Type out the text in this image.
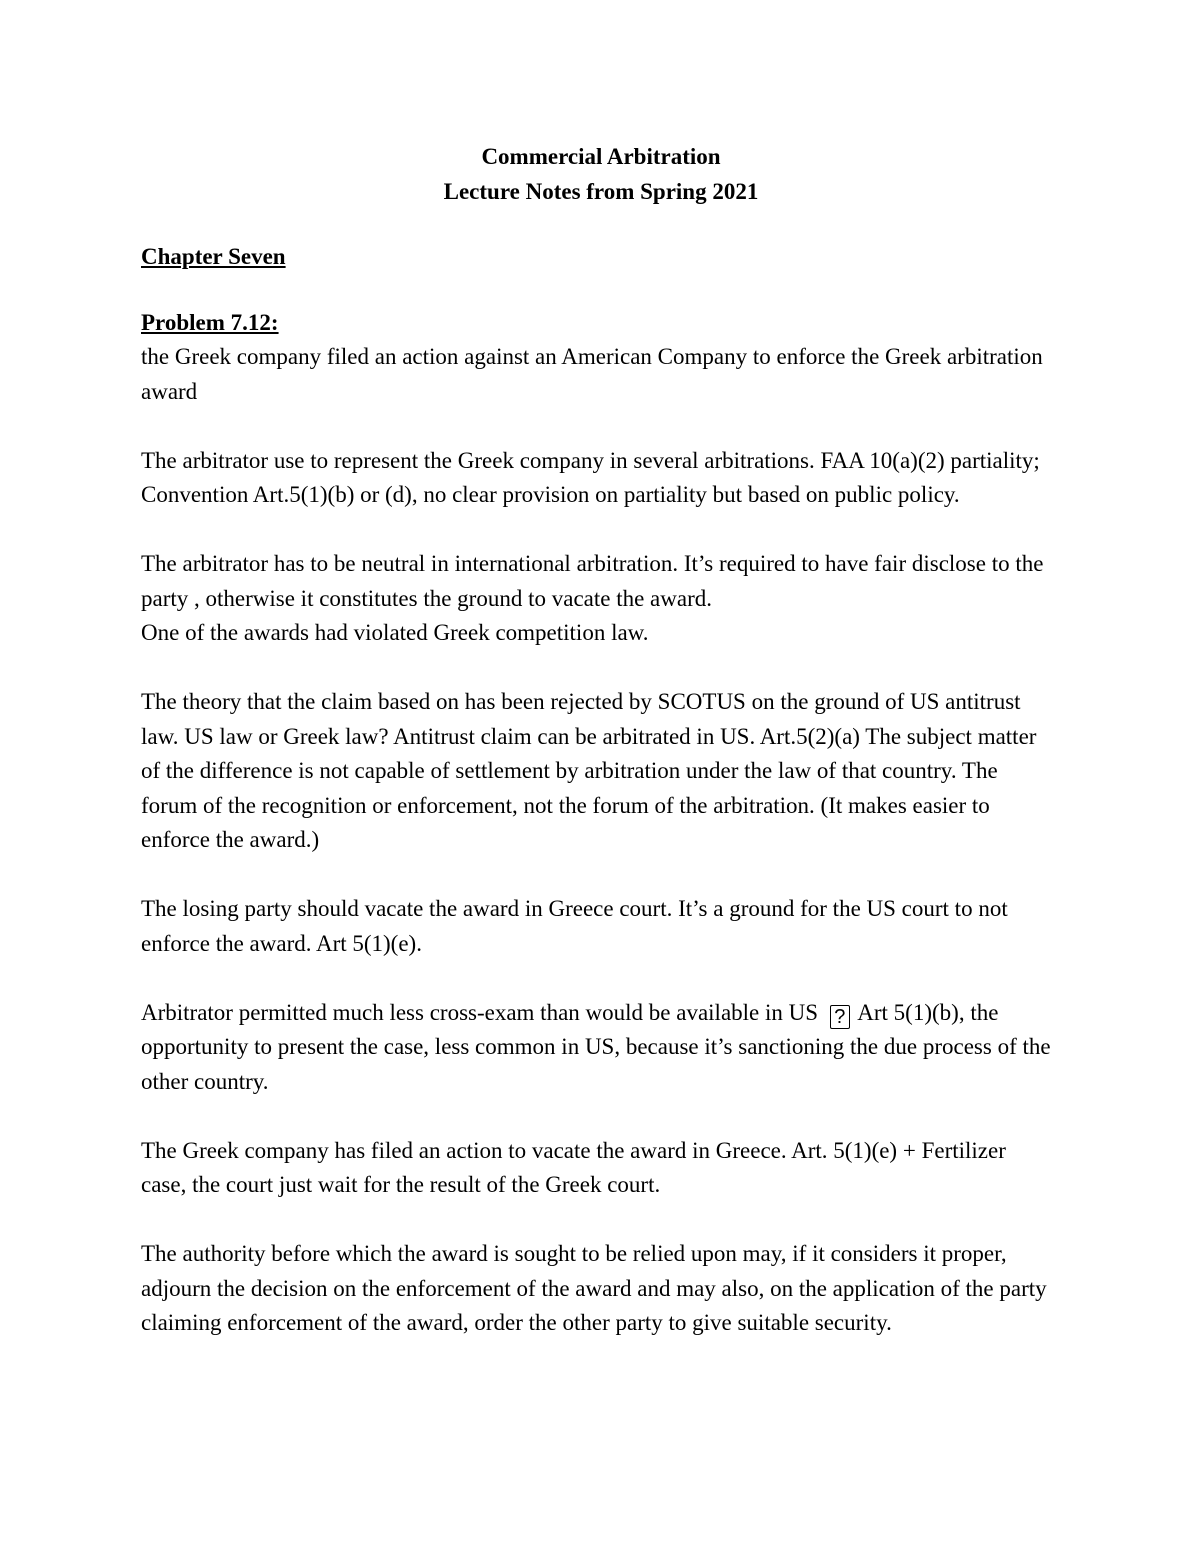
Commercial Arbitration
Lecture Notes from Spring 2021
Chapter Seven
Problem 7.12:

the Greek company filed an action against an American Company to enforce the Greek arbitration award

The arbitrator use to represent the Greek company in several arbitrations. FAA 10(a)(2) partiality; Convention Art.5(1)(b) or (d), no clear provision on partiality but based on public policy.

The arbitrator has to be neutral in international arbitration. It’s required to have fair disclose to the party , otherwise it constitutes the ground to vacate the award.

One of the awards had violated Greek competition law.

The theory that the claim based on has been rejected by SCOTUS on the ground of US antitrust law. US law or Greek law? Antitrust claim can be arbitrated in US. Art.5(2)(a) The subject matter of the difference is not capable of settlement by arbitration under the law of that country. The forum of the recognition or enforcement, not the forum of the arbitration. (It makes easier to enforce the award.)

The losing party should vacate the award in Greece court. It’s a ground for the US court to not enforce the award. Art 5(1)(e).

Arbitrator permitted much less cross-exam than would be available in US ? Art 5(1)(b), the opportunity to present the case, less common in US, because it’s sanctioning the due process of the other country.

The Greek company has filed an action to vacate the award in Greece. Art. 5(1)(e) + Fertilizer case, the court just wait for the result of the Greek court.

The authority before which the award is sought to be relied upon may, if it considers it proper, adjourn the decision on the enforcement of the award and may also, on the application of the party claiming enforcement of the award, order the other party to give suitable security.
